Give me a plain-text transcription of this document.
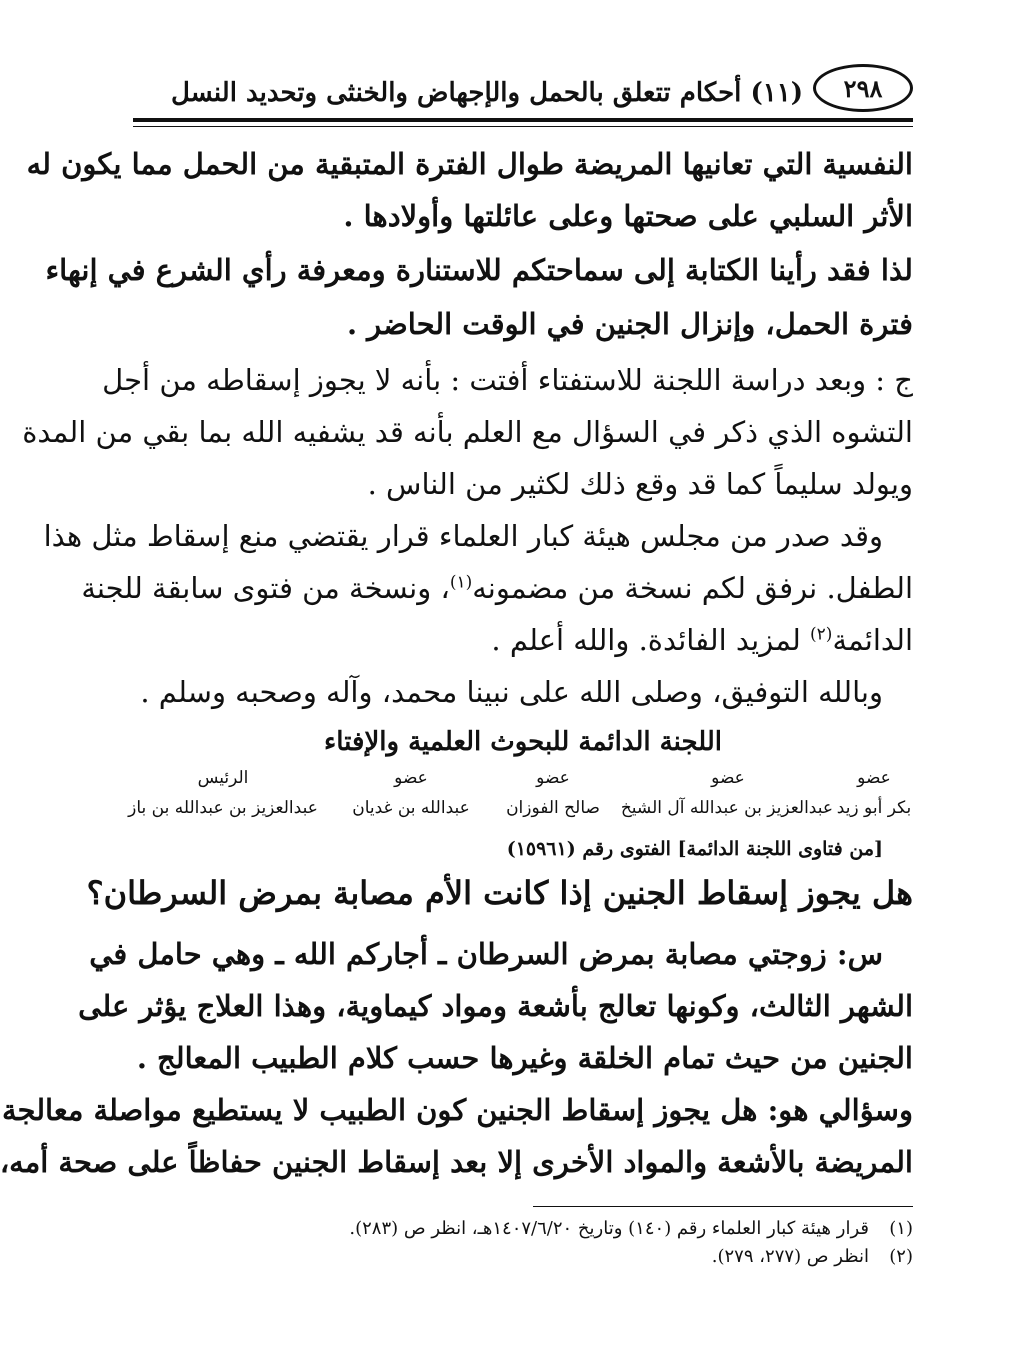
٢٩٨
(١١) أحكام تتعلق بالحمل والإجهاض والخنثى وتحديد النسل
النفسية التي تعانيها المريضة طوال الفترة المتبقية من الحمل مما يكون له
الأثر السلبي على صحتها وعلى عائلتها وأولادها .
لذا فقد رأينا الكتابة إلى سماحتكم للاستنارة ومعرفة رأي الشرع في إنهاء
فترة الحمل، وإنزال الجنين في الوقت الحاضر .
ج : وبعد دراسة اللجنة للاستفتاء أفتت : بأنه لا يجوز إسقاطه من أجل
التشوه الذي ذكر في السؤال مع العلم بأنه قد يشفيه الله بما بقي من المدة
ويولد سليماً كما قد وقع ذلك لكثير من الناس .
وقد صدر من مجلس هيئة كبار العلماء قرار يقتضي منع إسقاط مثل هذا
الطفل. نرفق لكم نسخة من مضمونه$^{(١)}$، ونسخة من فتوى سابقة للجنة
الدائمة$^{(٢)}$ لمزيد الفائدة. والله أعلم .
وبالله التوفيق، وصلى الله على نبينا محمد، وآله وصحبه وسلم .
اللجنة الدائمة للبحوث العلمية والإفتاء
الرئيس
عبدالعزيز بن عبدالله بن باز
عضو
عبدالله بن غديان
عضو
صالح الفوزان
عضو
عبدالعزيز بن عبدالله آل الشيخ
عضو
بكر أبو زيد
[من فتاوى اللجنة الدائمة] الفتوى رقم (١٥٩٦١)
هل يجوز إسقاط الجنين إذا كانت الأم مصابة بمرض السرطان؟
س: زوجتي مصابة بمرض السرطان ـ أجاركم الله ـ وهي حامل في
الشهر الثالث، وكونها تعالج بأشعة ومواد كيماوية، وهذا العلاج يؤثر على
الجنين من حيث تمام الخلقة وغيرها حسب كلام الطبيب المعالج .
وسؤالي هو: هل يجوز إسقاط الجنين كون الطبيب لا يستطيع مواصلة معالجة
المريضة بالأشعة والمواد الأخرى إلا بعد إسقاط الجنين حفاظاً على صحة أمه،
(١)قرار هيئة كبار العلماء رقم (١٤٠) وتاريخ ١٤٠٧/٦/٢٠هـ، انظر ص (٢٨٣).
(٢)انظر ص (٢٧٧، ٢٧٩).
